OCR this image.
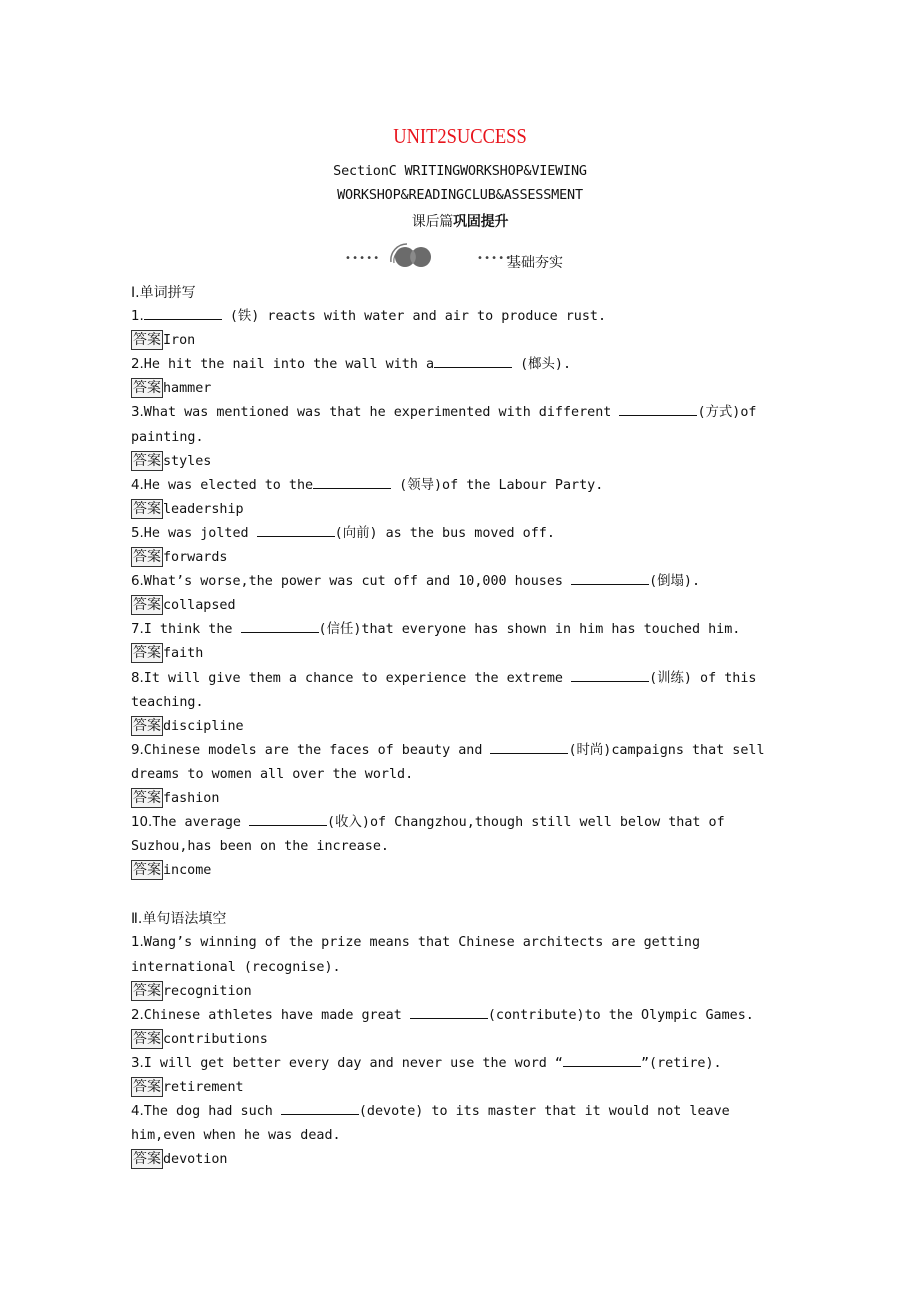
UNIT2SUCCESS
SectionC WRITINGWORKSHOP&VIEWING
WORKSHOP&READINGCLUB&ASSESSMENT
课后篇巩固提升
• • • • •	• • • • •
基础夯实
Ⅰ.单词拼写
1.	(铁) reacts with water and air to produce rust.
答案 Iron
2.He hit the nail into the wall with a	(榔头).
答案 hammer
3.What was mentioned was that he experimented with different	(方式)of painting.
答案 styles
4.He was elected to the	(领导)of the Labour Party.
答案 leadership
5.He was jolted	(向前) as the bus moved off.
答案 forwards
6.What’s worse,the power was cut off and 10,000 houses	(倒塌).
答案 collapsed
7.I think the	(信任)that everyone has shown in him has touched him.
答案 faith
8.It will give them a chance to experience the extreme	(训练) of this teaching.
答案 discipline
9.Chinese models are the faces of beauty and	(时尚)campaigns that sell dreams to women all over the world.
答案 fashion
10.The average	(收入)of Changzhou,though still well below that of Suzhou,has been on the increase.
答案 income
Ⅱ.单句语法填空
1.Wang’s winning of the prize means that Chinese architects are getting international (recognise).
答案 recognition
2.Chinese athletes have made great	(contribute)to the Olympic Games.
答案 contributions
3.I will get better every day and never use the word “	”(retire).
答案 retirement
4.The dog had such	(devote) to its master that it would not leave him,even when he was dead.
答案 devotion
